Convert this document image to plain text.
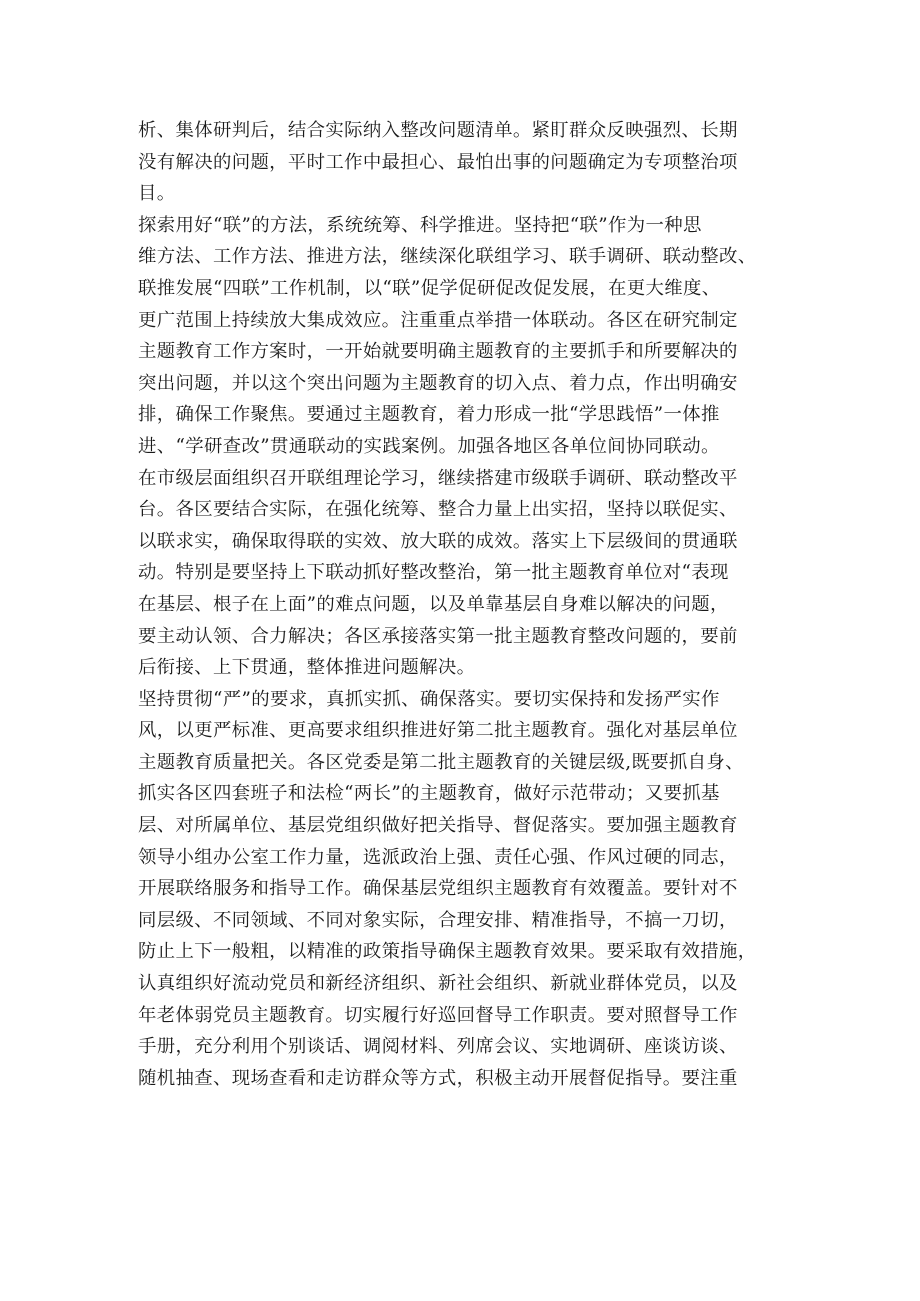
析、集体研判后，结合实际纳入整改问题清单。紧盯群众反映强烈、长期
没有解决的问题，平时工作中最担心、最怕出事的问题确定为专项整治项
目。
探索用好“联”的方法，系统统筹、科学推进。坚持把“联”作为一种思
维方法、工作方法、推进方法，继续深化联组学习、联手调研、联动整改、
联推发展“四联”工作机制，以“联”促学促研促改促发展，在更大维度、
更广范围上持续放大集成效应。注重重点举措一体联动。各区在研究制定
主题教育工作方案时，一开始就要明确主题教育的主要抓手和所要解决的
突出问题，并以这个突出问题为主题教育的切入点、着力点，作出明确安
排，确保工作聚焦。要通过主题教育，着力形成一批“学思践悟”一体推
进、“学研查改”贯通联动的实践案例。加强各地区各单位间协同联动。
在市级层面组织召开联组理论学习，继续搭建市级联手调研、联动整改平
台。各区要结合实际，在强化统筹、整合力量上出实招，坚持以联促实、
以联求实，确保取得联的实效、放大联的成效。落实上下层级间的贯通联
动。特别是要坚持上下联动抓好整改整治，第一批主题教育单位对“表现
在基层、根子在上面”的难点问题，以及单靠基层自身难以解决的问题，
要主动认领、合力解决；各区承接落实第一批主题教育整改问题的，要前
后衔接、上下贯通，整体推进问题解决。
坚持贯彻“严”的要求，真抓实抓、确保落实。要切实保持和发扬严实作
风，以更严标准、更高要求组织推进好第二批主题教育。强化对基层单位
主题教育质量把关。各区党委是第二批主题教育的关键层级,既要抓自身、
抓实各区四套班子和法检“两长”的主题教育，做好示范带动；又要抓基
层、对所属单位、基层党组织做好把关指导、督促落实。要加强主题教育
领导小组办公室工作力量，选派政治上强、责任心强、作风过硬的同志，
开展联络服务和指导工作。确保基层党组织主题教育有效覆盖。要针对不
同层级、不同领域、不同对象实际，合理安排、精准指导，不搞一刀切，
防止上下一般粗，以精准的政策指导确保主题教育效果。要采取有效措施，
认真组织好流动党员和新经济组织、新社会组织、新就业群体党员，以及
年老体弱党员主题教育。切实履行好巡回督导工作职责。要对照督导工作
手册，充分利用个别谈话、调阅材料、列席会议、实地调研、座谈访谈、
随机抽查、现场查看和走访群众等方式，积极主动开展督促指导。要注重
